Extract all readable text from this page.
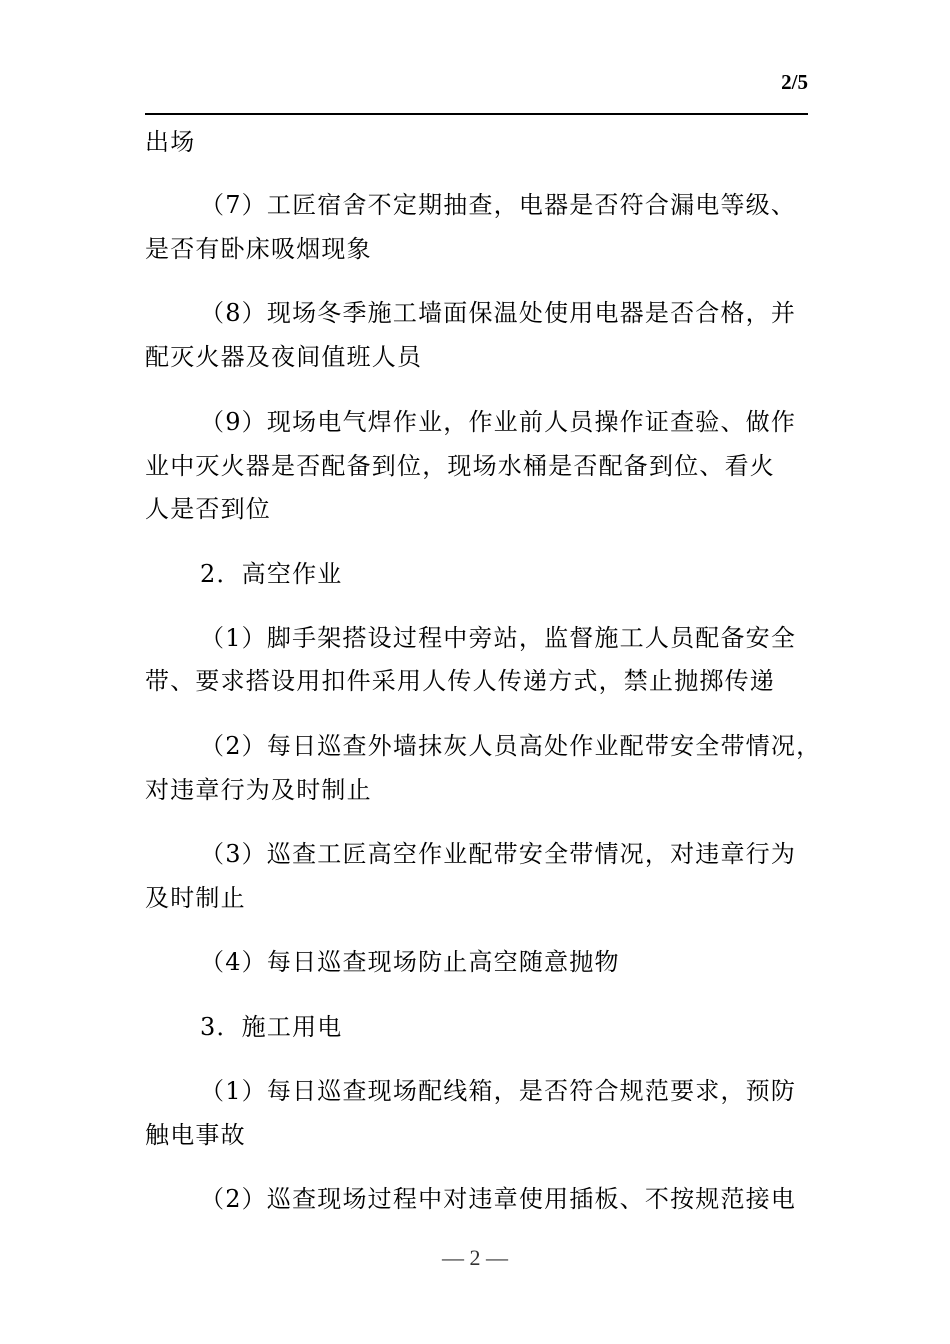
2/5
出场
（7）工匠宿舍不定期抽查，电器是否符合漏电等级、
是否有卧床吸烟现象
（8）现场冬季施工墙面保温处使用电器是否合格，并
配灭火器及夜间值班人员
（9）现场电气焊作业，作业前人员操作证查验、做作
业中灭火器是否配备到位，现场水桶是否配备到位、看火
人是否到位
2．高空作业
（1）脚手架搭设过程中旁站，监督施工人员配备安全
带、要求搭设用扣件采用人传人传递方式，禁止抛掷传递
（2）每日巡查外墙抹灰人员高处作业配带安全带情况，
对违章行为及时制止
（3）巡查工匠高空作业配带安全带情况，对违章行为
及时制止
（4）每日巡查现场防止高空随意抛物
3．施工用电
（1）每日巡查现场配线箱，是否符合规范要求，预防
触电事故
（2）巡查现场过程中对违章使用插板、不按规范接电
— 2 —
